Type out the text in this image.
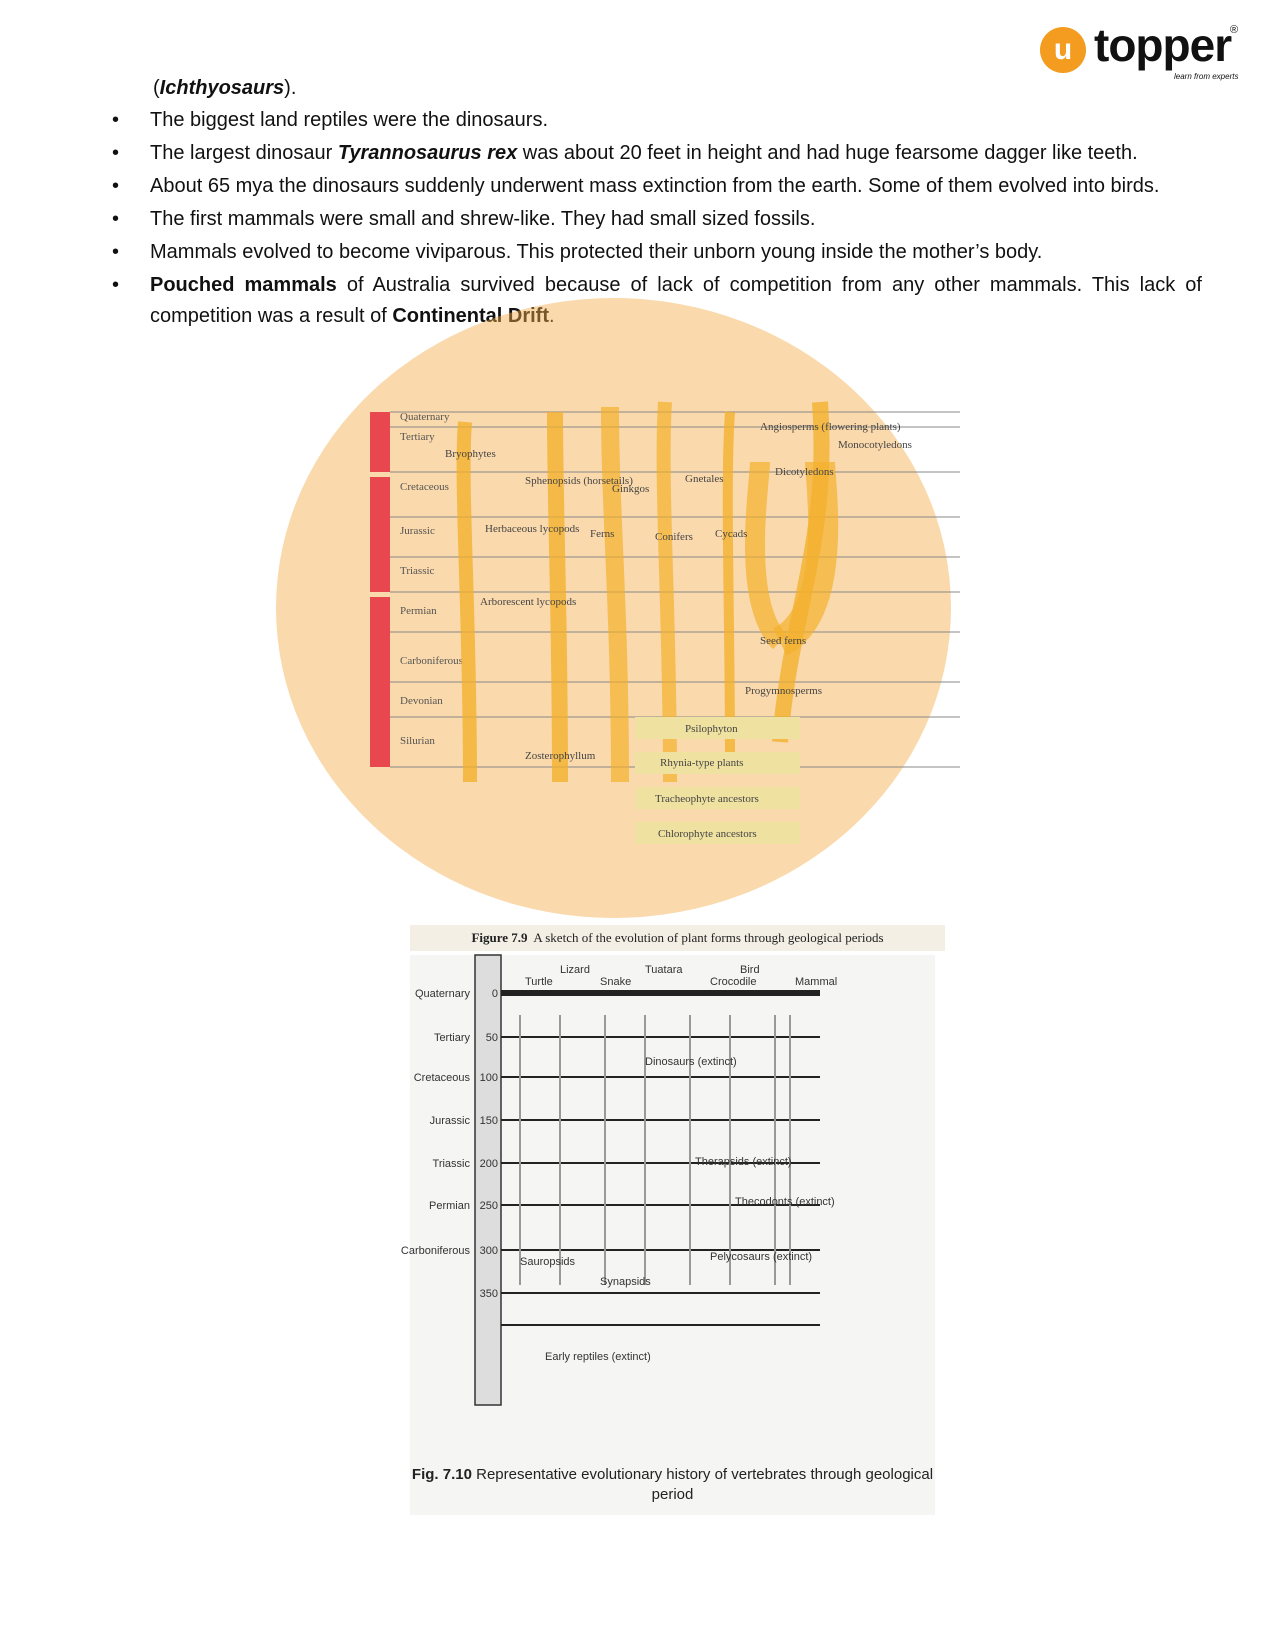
u topper
®
learn from experts
(Ichthyosaurs).
• The biggest land reptiles were the dinosaurs.
• The largest dinosaur Tyrannosaurus rex was about 20 feet in height and had huge fearsome dagger like teeth.
• About 65 mya the dinosaurs suddenly underwent mass extinction from the earth. Some of them evolved into birds.
• The first mammals were small and shrew-like. They had small sized fossils.
• Mammals evolved to become viviparous. This protected their unborn young inside the mother’s body.
• Pouched mammals of Australia survived because of lack of competition from any other mammals. This lack of competition was a result of Continental Drift.
Quaternary
Tertiary
Cretaceous
Jurassic
Triassic
Permian
Carboniferous
Devonian
Silurian
Bryophytes
Sphenopsids (horsetails)
Ginkgos
Gnetales
Angiosperms (flowering plants)
Monocotyledons
Dicotyledons
Herbaceous lycopods Ferns	Conifers Cycads
Arborescent lycopods
Seed ferns
Progymnosperms
Psilophyton
Zosterophyllum
Rhynia-type plants
Tracheophyte ancestors
Chlorophyte ancestors
Figure 7.9 A sketch of the evolution of plant forms through geological periods
Quaternary
Tertiary
Cretaceous
Jurassic
Triassic
Permian
Carboniferous
0
50
100
150
200
250
300
350
Turtle
Lizard
Snake
Tuatara
Crocodile
Bird
Mammal
Dinosaurs (extinct)
Therapsids (extinct)
Thecodonts (extinct)
Pelycosaurs (extinct)
Sauropsids
Synapsids
Early reptiles (extinct)
Fig. 7.10 Representative evolutionary history of vertebrates through geological period
